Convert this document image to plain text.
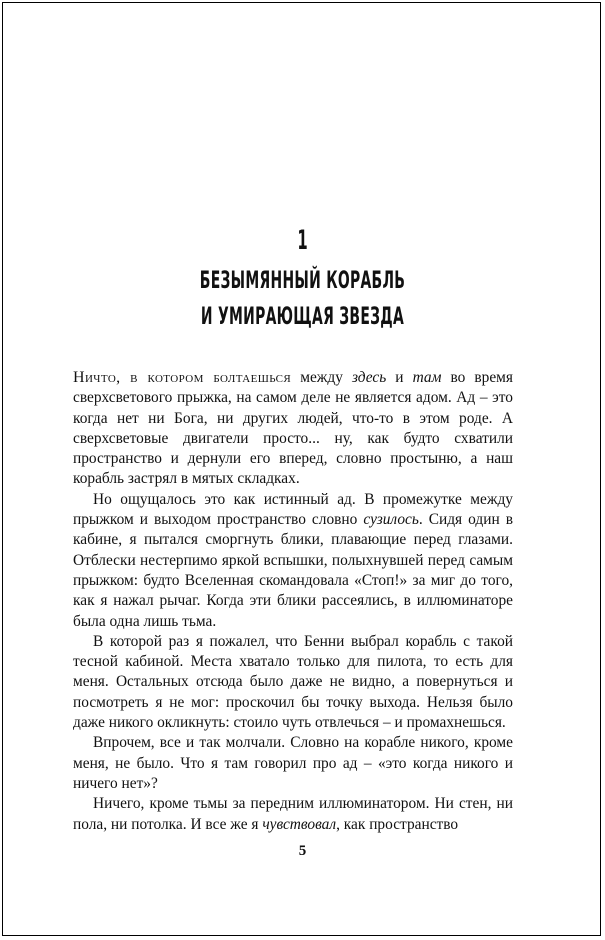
1
БЕЗЫМЯННЫЙ КОРАБЛЬ
И УМИРАЮЩАЯ ЗВЕЗДА

Ничто, в котором болтаешься между здесь и там во время сверхсветового прыжка, на самом деле не является адом. Ад – это когда нет ни Бога, ни других людей, что-то в этом роде. А сверхсветовые двигатели просто... ну, как будто схватили пространство и дернули его вперед, словно простыню, а наш корабль застрял в мятых складках.

Но ощущалось это как истинный ад. В промежутке между прыжком и выходом пространство словно сузилось. Сидя один в кабине, я пытался сморгнуть блики, плавающие перед глазами. Отблески нестерпимо яркой вспышки, полыхнувшей перед самым прыжком: будто Вселенная скомандовала «Стоп!» за миг до того, как я нажал рычаг. Когда эти блики рассеялись, в иллюминаторе была одна лишь тьма.

В которой раз я пожалел, что Бенни выбрал корабль с такой тесной кабиной. Места хватало только для пилота, то есть для меня. Остальных отсюда было даже не видно, а повернуться и посмотреть я не мог: проскочил бы точку выхода. Нельзя было даже никого окликнуть: стоило чуть отвлечься – и промахнешься.

Впрочем, все и так молчали. Словно на корабле никого, кроме меня, не было. Что я там говорил про ад – «это когда никого и ничего нет»?

Ничего, кроме тьмы за передним иллюминатором. Ни стен, ни пола, ни потолка. И все же я чувствовал, как пространство

5
